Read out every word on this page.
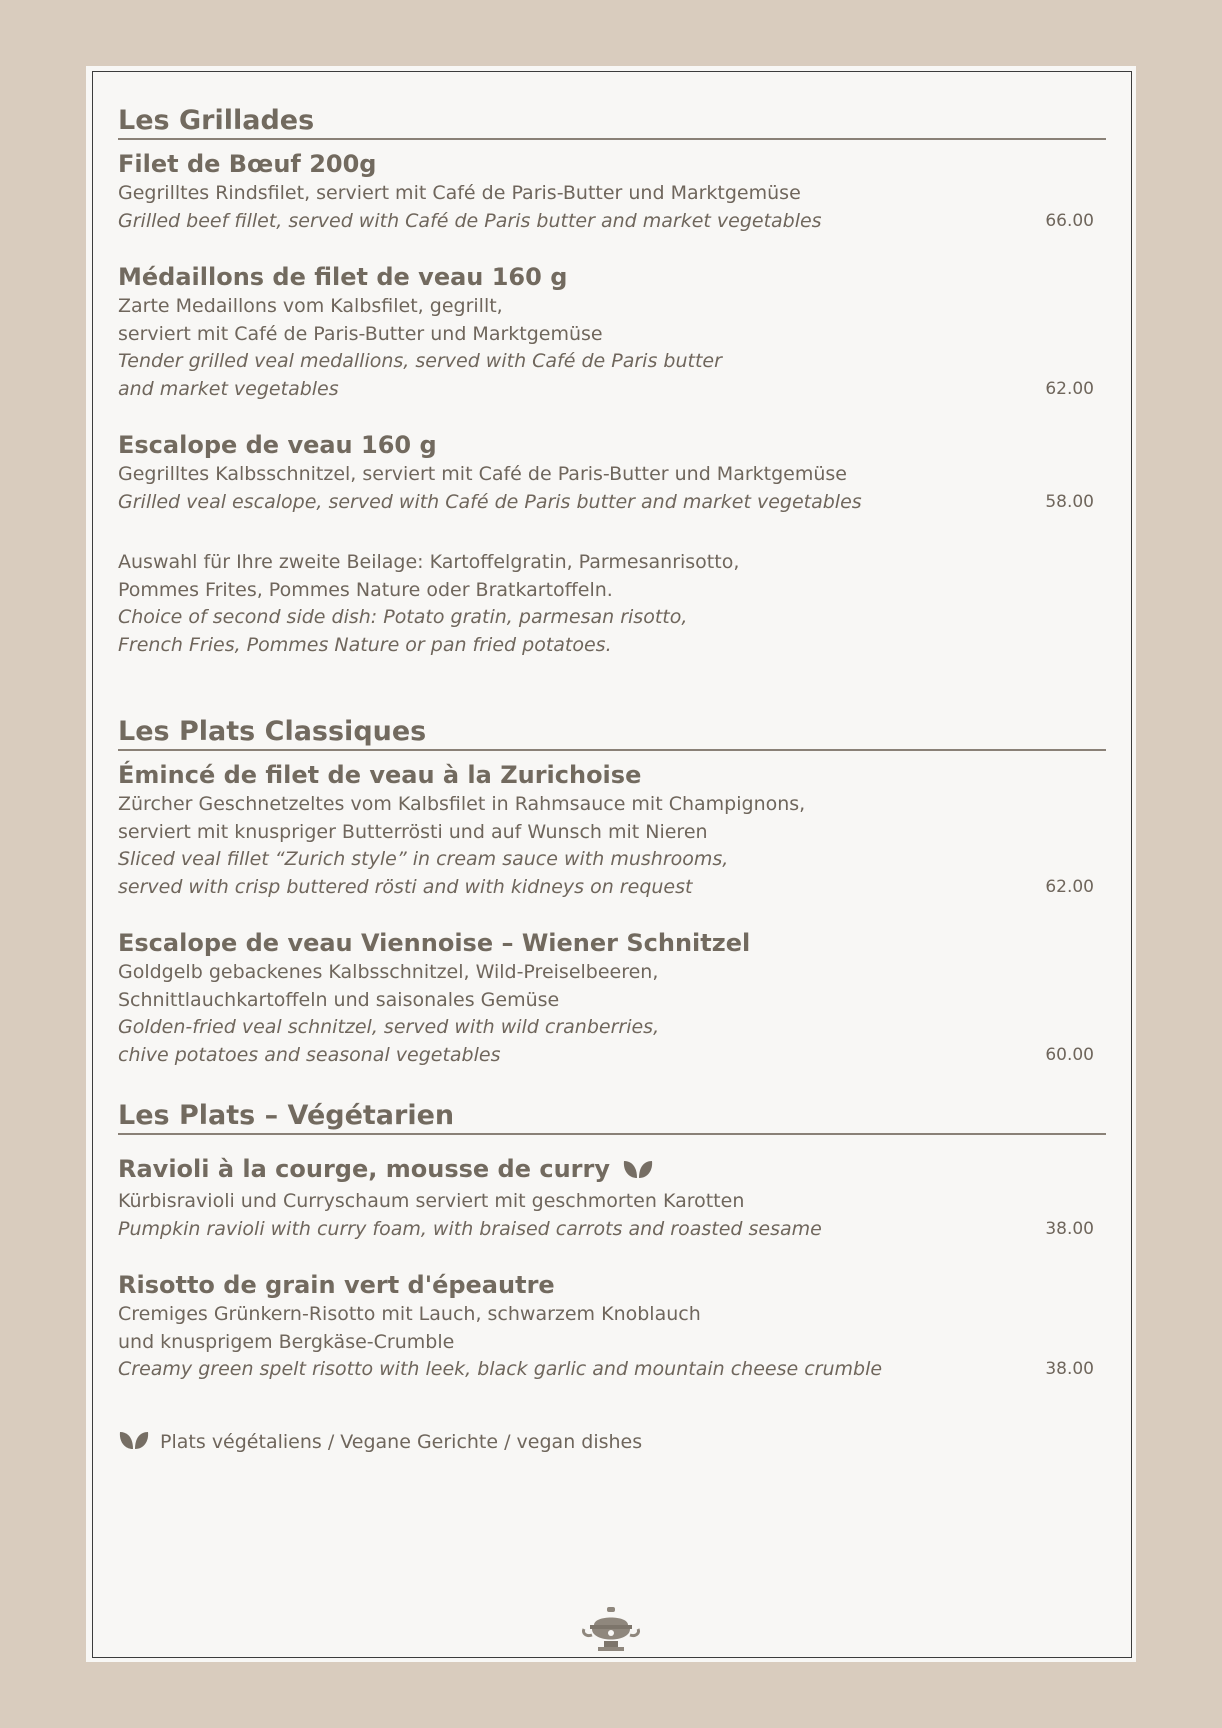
Les Grillades
Filet de Bœuf 200g
Gegrilltes Rindsfilet, serviert mit Café de Paris-Butter und Marktgemüse
Grilled beef fillet, served with Café de Paris butter and market vegetables	66.00
Médaillons de filet de veau 160 g
Zarte Medaillons vom Kalbsfilet, gegrillt,
serviert mit Café de Paris-Butter und Marktgemüse
Tender grilled veal medallions, served with Café de Paris butter
and market vegetables	62.00
Escalope de veau 160 g
Gegrilltes Kalbsschnitzel, serviert mit Café de Paris-Butter und Marktgemüse
Grilled veal escalope, served with Café de Paris butter and market vegetables	58.00
Auswahl für Ihre zweite Beilage: Kartoffelgratin, Parmesanrisotto,
Pommes Frites, Pommes Nature oder Bratkartoffeln.
Choice of second side dish: Potato gratin, parmesan risotto,
French Fries, Pommes Nature or pan fried potatoes.
Les Plats Classiques
Émincé de filet de veau à la Zurichoise
Zürcher Geschnetzeltes vom Kalbsfilet in Rahmsauce mit Champignons,
serviert mit knuspriger Butterrösti und auf Wunsch mit Nieren
Sliced veal fillet “Zurich style” in cream sauce with mushrooms,
served with crisp buttered rösti and with kidneys on request	62.00
Escalope de veau Viennoise – Wiener Schnitzel
Goldgelb gebackenes Kalbsschnitzel, Wild-Preiselbeeren,
Schnittlauchkartoffeln und saisonales Gemüse
Golden-fried veal schnitzel, served with wild cranberries,
chive potatoes and seasonal vegetables	60.00
Les Plats – Végétarien
Ravioli à la courge, mousse de curry
Kürbisravioli und Curryschaum serviert mit geschmorten Karotten
Pumpkin ravioli with curry foam, with braised carrots and roasted sesame	38.00
Risotto de grain vert d'épeautre
Cremiges Grünkern-Risotto mit Lauch, schwarzem Knoblauch
und knusprigem Bergkäse-Crumble
Creamy green spelt risotto with leek, black garlic and mountain cheese crumble	38.00
Plats végétaliens / Vegane Gerichte / vegan dishes
